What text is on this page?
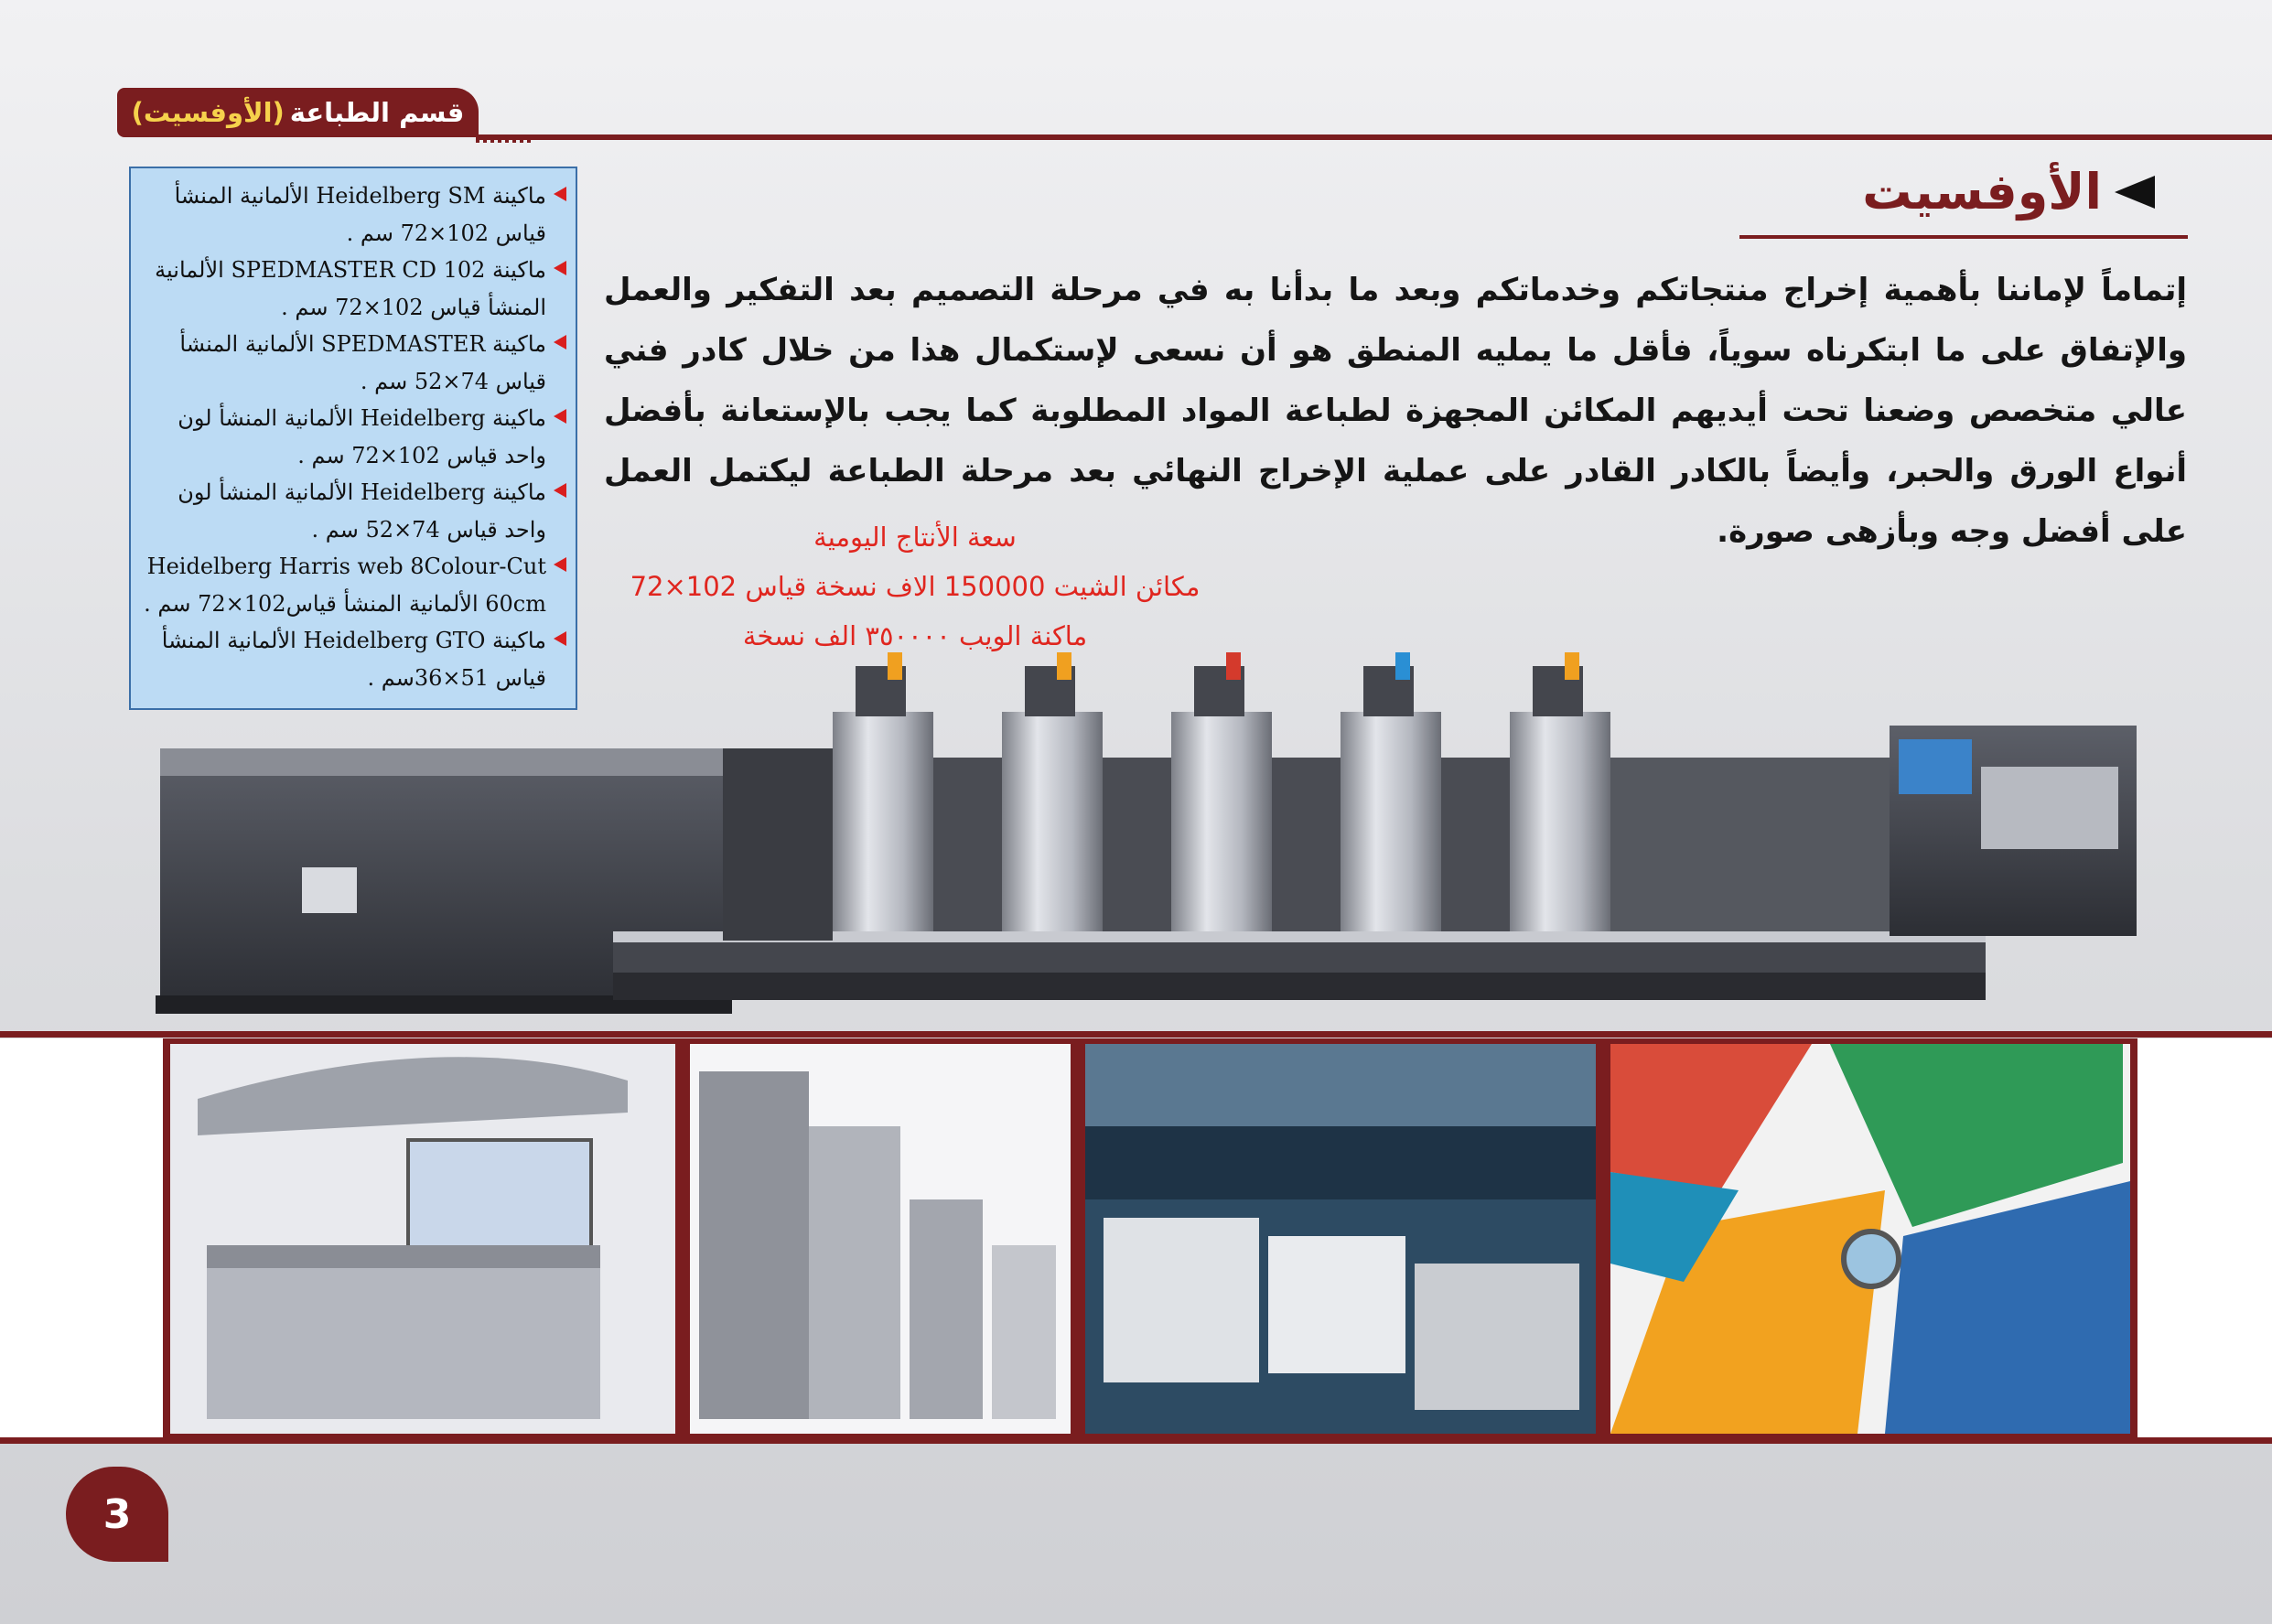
قسم الطباعة
(الأوفسيت)
الأوفسيت

إتماماً لإماننا بأهمية إخراج منتجاتكم وخدماتكم وبعد ما بدأنا به في مرحلة التصميم بعد التفكير والعمل والإتفاق على ما ابتكرناه سوياً، فأقل ما يمليه المنطق هو أن نسعى لإستكمال هذا من خلال كادر فني عالي متخصص وضعنا تحت أيديهم المكائن المجهزة لطباعة المواد المطلوبة كما يجب بالإستعانة بأفضل أنواع الورق والحبر، وأيضاً بالكادر القادر على عملية الإخراج النهائي بعد مرحلة الطباعة ليكتمل العمل على أفضل وجه وبأزهى صورة.

سعة الأنتاج اليومية
مكائن الشيت 150000 الاف نسخة قياس 102×72
ماكنة الويب ٣٥٠٠٠٠ الف نسخة
ماكينة Heidelberg SM الألمانية المنشأ قياس 102×72 سم .
ماكينة SPEDMASTER CD 102 الألمانية المنشأ قياس 102×72 سم .
ماكينة SPEDMASTER الألمانية المنشأ قياس 74×52 سم .
ماكينة Heidelberg الألمانية المنشأ لون واحد قياس 102×72 سم .
ماكينة Heidelberg الألمانية المنشأ لون واحد قياس 74×52 سم .
Heidelberg Harris web 8Colour-Cut 60cm الألمانية المنشأ قياس102×72 سم .
ماكينة Heidelberg GTO الألمانية المنشأ قياس 51×36سم .
3
